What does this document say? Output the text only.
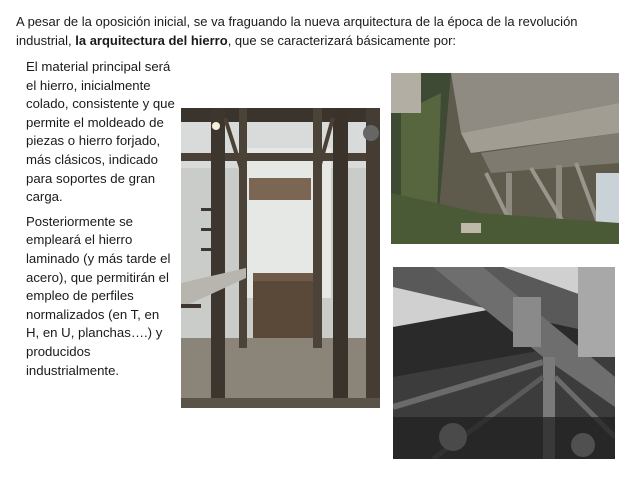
A pesar de la oposición inicial, se va fraguando la nueva arquitectura de la época de la revolución industrial, la arquitectura del hierro, que se caracterizará básicamente por:

El material principal será el hierro, inicialmente colado, consistente y que permite el moldeado de piezas o hierro forjado, más clásicos, indicado para soportes de gran carga.

Posteriormente se empleará el hierro laminado (y más tarde el acero), que permitirán el empleo de perfiles normalizados (en T, en H, en U, planchas….) y producidos industrialmente.
